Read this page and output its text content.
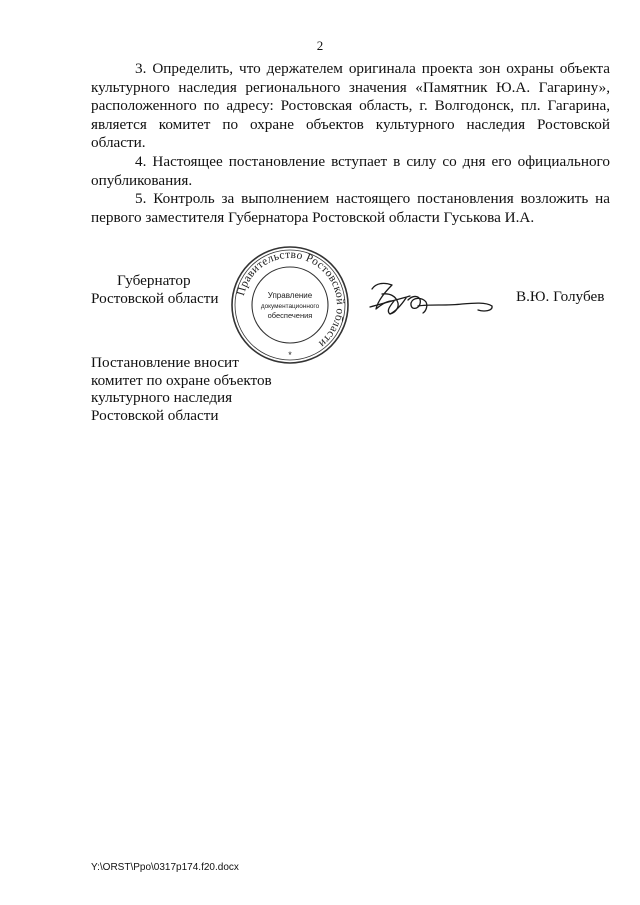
2

3. Определить, что держателем оригинала проекта зон охраны объекта культурного наследия регионального значения «Памятник Ю.А. Гагарину», расположенного по адресу: Ростовская область, г. Волгодонск, пл. Гагарина, является комитет по охране объектов культурного наследия Ростовской области.

4. Настоящее постановление вступает в силу со дня его официального опубликования.

5. Контроль за выполнением настоящего постановления возложить на первого заместителя Губернатора Ростовской области Гуськова И.А.

Губернатор
Ростовской области Правительство Ростовской области
Управление
документационного
обеспечения
*
В.Ю. Голубев
Постановление вносит
комитет по охране объектов
культурного наследия
Ростовской области
Y:\ORST\Ppo\0317p174.f20.docx
